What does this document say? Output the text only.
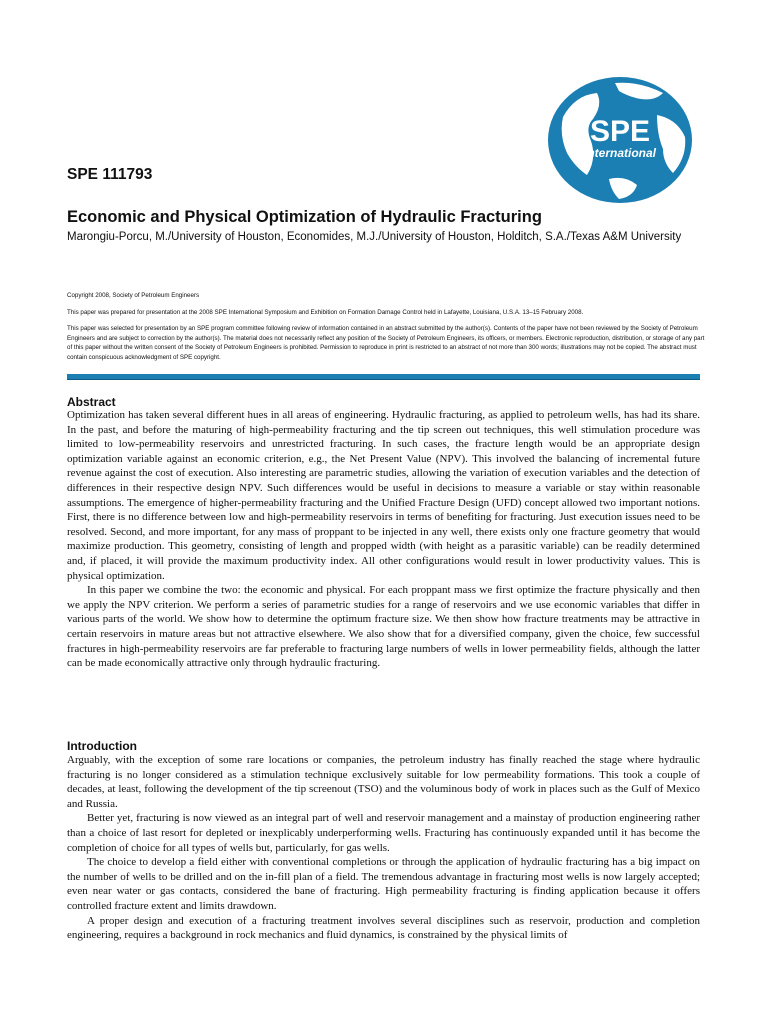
SPE
International
SPE 111793
Economic and Physical Optimization of Hydraulic Fracturing

Marongiu-Porcu, M./University of Houston, Economides, M.J./University of Houston, Holditch, S.A./Texas A&M University

Copyright 2008, Society of Petroleum Engineers

This paper was prepared for presentation at the 2008 SPE International Symposium and Exhibition on Formation Damage Control held in Lafayette, Louisiana, U.S.A. 13–15 February 2008.

This paper was selected for presentation by an SPE program committee following review of information contained in an abstract submitted by the author(s). Contents of the paper have not been reviewed by the Society of Petroleum Engineers and are subject to correction by the author(s). The material does not necessarily reflect any position of the Society of Petroleum Engineers, its officers, or members. Electronic reproduction, distribution, or storage of any part of this paper without the written consent of the Society of Petroleum Engineers is prohibited. Permission to reproduce in print is restricted to an abstract of not more than 300 words; illustrations may not be copied. The abstract must contain conspicuous acknowledgment of SPE copyright.

Abstract

Optimization has taken several different hues in all areas of engineering. Hydraulic fracturing, as applied to petroleum wells, has had its share. In the past, and before the maturing of high-permeability fracturing and the tip screen out techniques, this well stimulation procedure was limited to low-permeability reservoirs and unrestricted fracturing. In such cases, the fracture length would be an appropriate design optimization variable against an economic criterion, e.g., the Net Present Value (NPV). This involved the balancing of incremental future revenue against the cost of execution. Also interesting are parametric studies, allowing the variation of execution variables and the detection of differences in their respective design NPV. Such differences would be useful in decisions to measure a variable or stay within reasonable assumptions. The emergence of higher-permeability fracturing and the Unified Fracture Design (UFD) concept allowed two important notions. First, there is no difference between low and high-permeability reservoirs in terms of benefiting for fracturing. Just execution issues need to be resolved. Second, and more important, for any mass of proppant to be injected in any well, there exists only one fracture geometry that would maximize production. This geometry, consisting of length and propped width (with height as a parasitic variable) can be readily determined and, if placed, it will provide the maximum productivity index. All other configurations would result in lower productivity values. This is physical optimization.

In this paper we combine the two: the economic and physical. For each proppant mass we first optimize the fracture physically and then we apply the NPV criterion. We perform a series of parametric studies for a range of reservoirs and we use economic variables that differ in various parts of the world. We show how to determine the optimum fracture size. We then show how fracture treatments may be attractive in certain reservoirs in mature areas but not attractive elsewhere. We also show that for a diversified company, given the choice, few successful fractures in high-permeability reservoirs are far preferable to fracturing large numbers of wells in lower permeability fields, although the latter can be made economically attractive only through hydraulic fracturing.

Introduction

Arguably, with the exception of some rare locations or companies, the petroleum industry has finally reached the stage where hydraulic fracturing is no longer considered as a stimulation technique exclusively suitable for low permeability formations. This took a couple of decades, at least, following the development of the tip screenout (TSO) and the voluminous body of work in places such as the Gulf of Mexico and Russia.

Better yet, fracturing is now viewed as an integral part of well and reservoir management and a mainstay of production engineering rather than a choice of last resort for depleted or inexplicably underperforming wells. Fracturing has continuously expanded until it has become the completion of choice for all types of wells but, particularly, for gas wells.

The choice to develop a field either with conventional completions or through the application of hydraulic fracturing has a big impact on the number of wells to be drilled and on the in-fill plan of a field. The tremendous advantage in fracturing most wells is now largely accepted; even near water or gas contacts, considered the bane of fracturing. High permeability fracturing is finding application because it offers controlled fracture extent and limits drawdown.

A proper design and execution of a fracturing treatment involves several disciplines such as reservoir, production and completion engineering, requires a background in rock mechanics and fluid dynamics, is constrained by the physical limits of
